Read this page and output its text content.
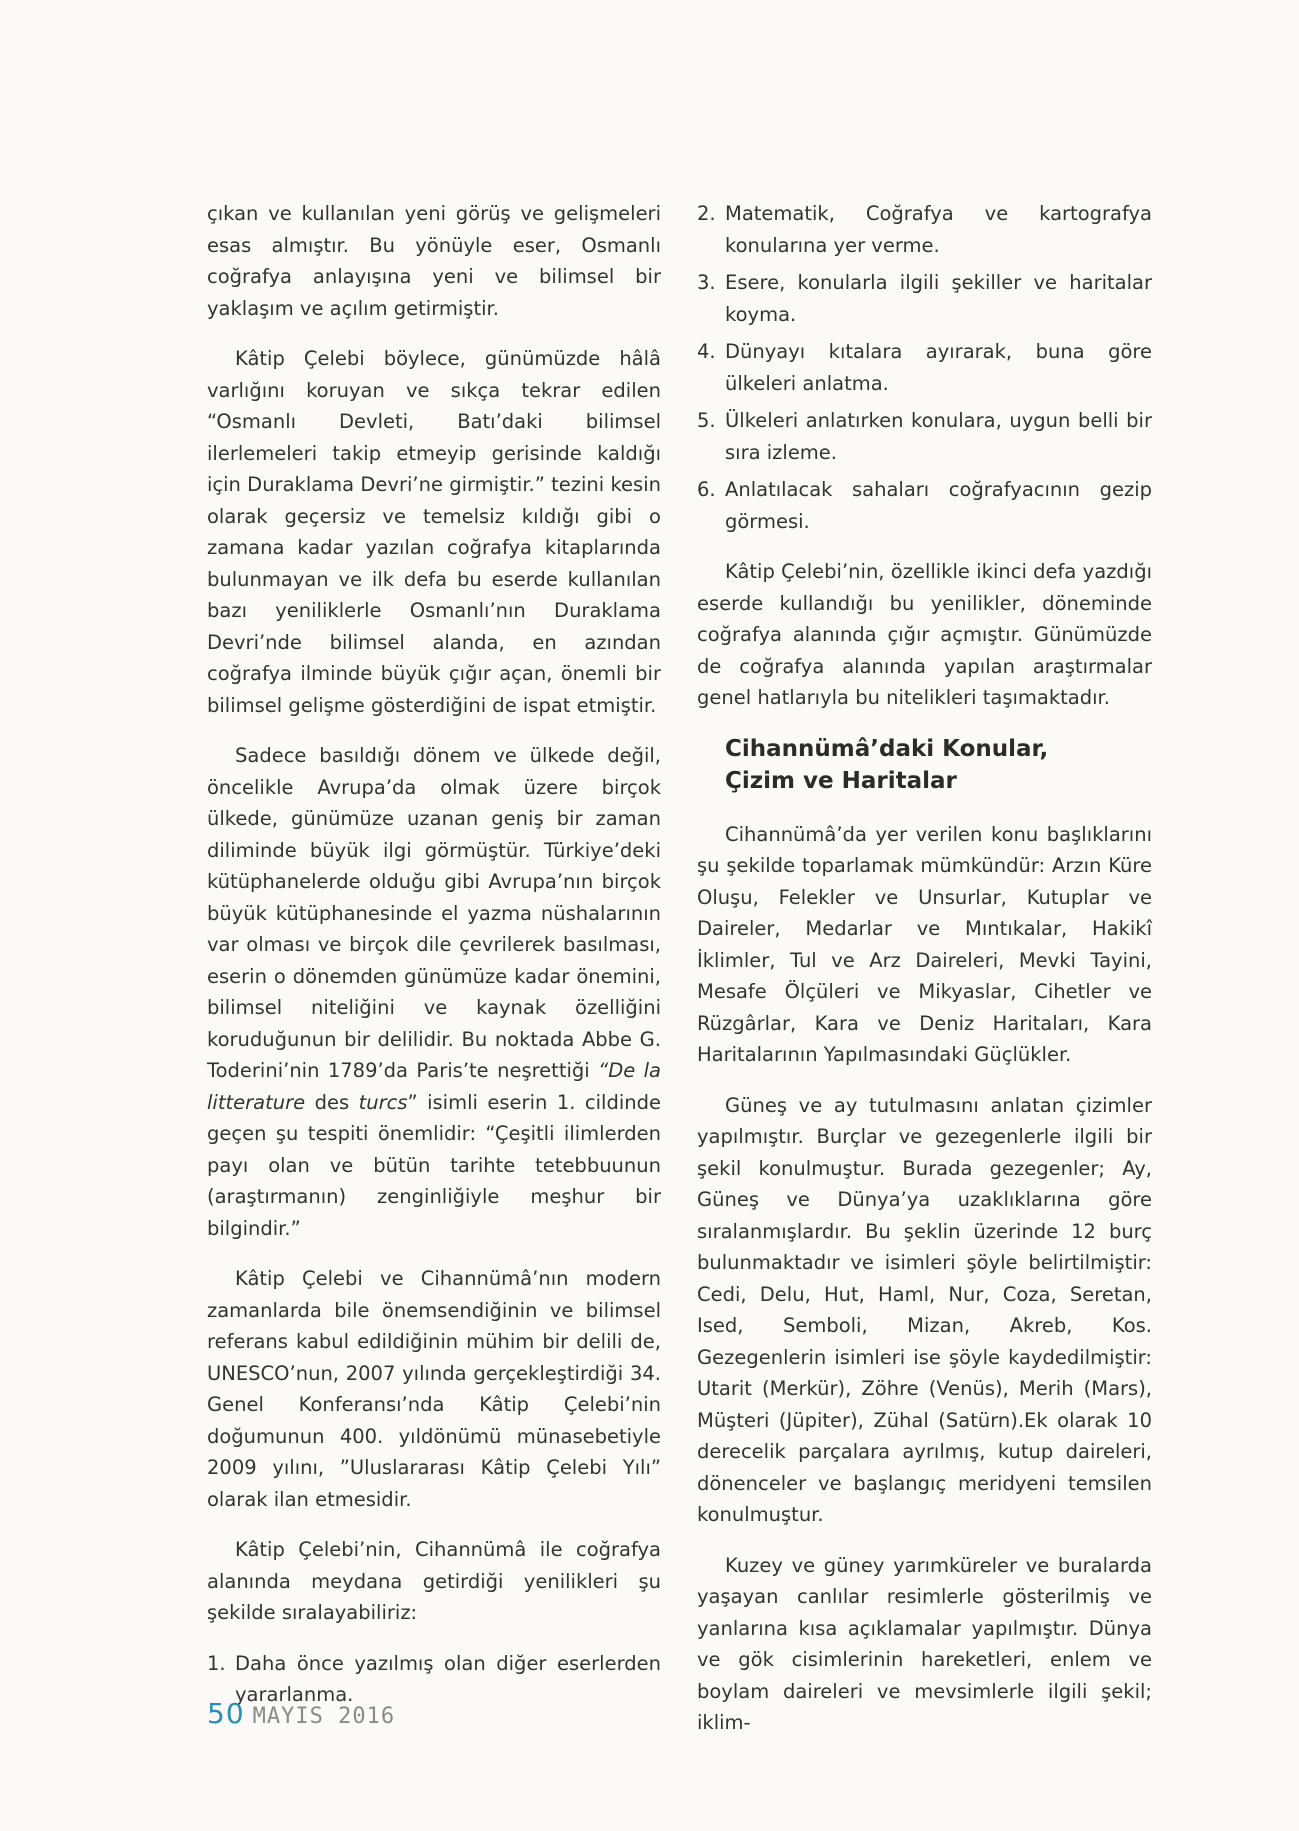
çıkan ve kullanılan yeni görüş ve gelişmeleri esas almıştır. Bu yönüyle eser, Osmanlı coğrafya anlayışına yeni ve bilimsel bir yaklaşım ve açılım getirmiştir.

Kâtip Çelebi böylece, günümüzde hâlâ varlığını koruyan ve sıkça tekrar edilen “Osmanlı Devleti, Batı’daki bilimsel ilerlemeleri takip etmeyip gerisinde kaldığı için Duraklama Devri’ne girmiştir.” tezini kesin olarak geçersiz ve temelsiz kıldığı gibi o zamana kadar yazılan coğrafya kitaplarında bulunmayan ve ilk defa bu eserde kullanılan bazı yeniliklerle Osmanlı’nın Duraklama Devri’nde bilimsel alanda, en azından coğrafya ilminde büyük çığır açan, önemli bir bilimsel gelişme gösterdiğini de ispat etmiştir.

Sadece basıldığı dönem ve ülkede değil, öncelikle Avrupa’da olmak üzere birçok ülkede, günümüze uzanan geniş bir zaman diliminde büyük ilgi görmüştür. Türkiye’deki kütüphanelerde olduğu gibi Avrupa’nın birçok büyük kütüphanesinde el yazma nüshalarının var olması ve birçok dile çevrilerek basılması, eserin o dönemden günümüze kadar önemini, bilimsel niteliğini ve kaynak özelliğini koruduğunun bir delilidir. Bu noktada Abbe G. Toderini’nin 1789’da Paris’te neşrettiği “De la litterature des turcs” isimli eserin 1. cildinde geçen şu tespiti önemlidir: “Çeşitli ilimlerden payı olan ve bütün tarihte tetebbuunun (araştırmanın) zenginliğiyle meşhur bir bilgindir.”

Kâtip Çelebi ve Cihannümâ’nın modern zamanlarda bile önemsendiğinin ve bilimsel referans kabul edildiğinin mühim bir delili de, UNESCO’nun, 2007 yılında gerçekleştirdiği 34. Genel Konferansı’nda Kâtip Çelebi’nin doğumunun 400. yıldönümü münasebetiyle 2009 yılını, ”Uluslararası Kâtip Çelebi Yılı” olarak ilan etmesidir.

Kâtip Çelebi’nin, Cihannümâ ile coğrafya alanında meydana getirdiği yenilikleri şu şekilde sıralayabiliriz:

1. Daha önce yazılmış olan diğer eserlerden yararlanma.
2. Matematik, Coğrafya ve kartografya konularına yer verme.
3. Esere, konularla ilgili şekiller ve haritalar koyma.
4. Dünyayı kıtalara ayırarak, buna göre ülkeleri anlatma.
5. Ülkeleri anlatırken konulara, uygun belli bir sıra izleme.
6. Anlatılacak sahaları coğrafyacının gezip görmesi.

Kâtip Çelebi’nin, özellikle ikinci defa yazdığı eserde kullandığı bu yenilikler, döneminde coğrafya alanında çığır açmıştır. Günümüzde de coğrafya alanında yapılan araştırmalar genel hatlarıyla bu nitelikleri taşımaktadır.

Cihannümâ’daki Konular,
Çizim ve Haritalar

Cihannümâ’da yer verilen konu başlıklarını şu şekilde toparlamak mümkündür: Arzın Küre Oluşu, Felekler ve Unsurlar, Kutuplar ve Daireler, Medarlar ve Mıntıkalar, Hakikî İklimler, Tul ve Arz Daireleri, Mevki Tayini, Mesafe Ölçüleri ve Mikyaslar, Cihetler ve Rüzgârlar, Kara ve Deniz Haritaları, Kara Haritalarının Yapılmasındaki Güçlükler.

Güneş ve ay tutulmasını anlatan çizimler yapılmıştır. Burçlar ve gezegenlerle ilgili bir şekil konulmuştur. Burada gezegenler; Ay, Güneş ve Dünya’ya uzaklıklarına göre sıralanmışlardır. Bu şeklin üzerinde 12 burç bulunmaktadır ve isimleri şöyle belirtilmiştir: Cedi, Delu, Hut, Haml, Nur, Coza, Seretan, Ised, Semboli, Mizan, Akreb, Kos. Gezegenlerin isimleri ise şöyle kaydedilmiştir: Utarit (Merkür), Zöhre (Venüs), Merih (Mars), Müşteri (Jüpiter), Zühal (Satürn).Ek olarak 10 derecelik parçalara ayrılmış, kutup daireleri, dönenceler ve başlangıç meridyeni temsilen konulmuştur.

Kuzey ve güney yarımküreler ve buralarda yaşayan canlılar resimlerle gösterilmiş ve yanlarına kısa açıklamalar yapılmıştır. Dünya ve gök cisimlerinin hareketleri, enlem ve boylam daireleri ve mevsimlerle ilgili şekil; iklim-

50 MAYIS 2016
